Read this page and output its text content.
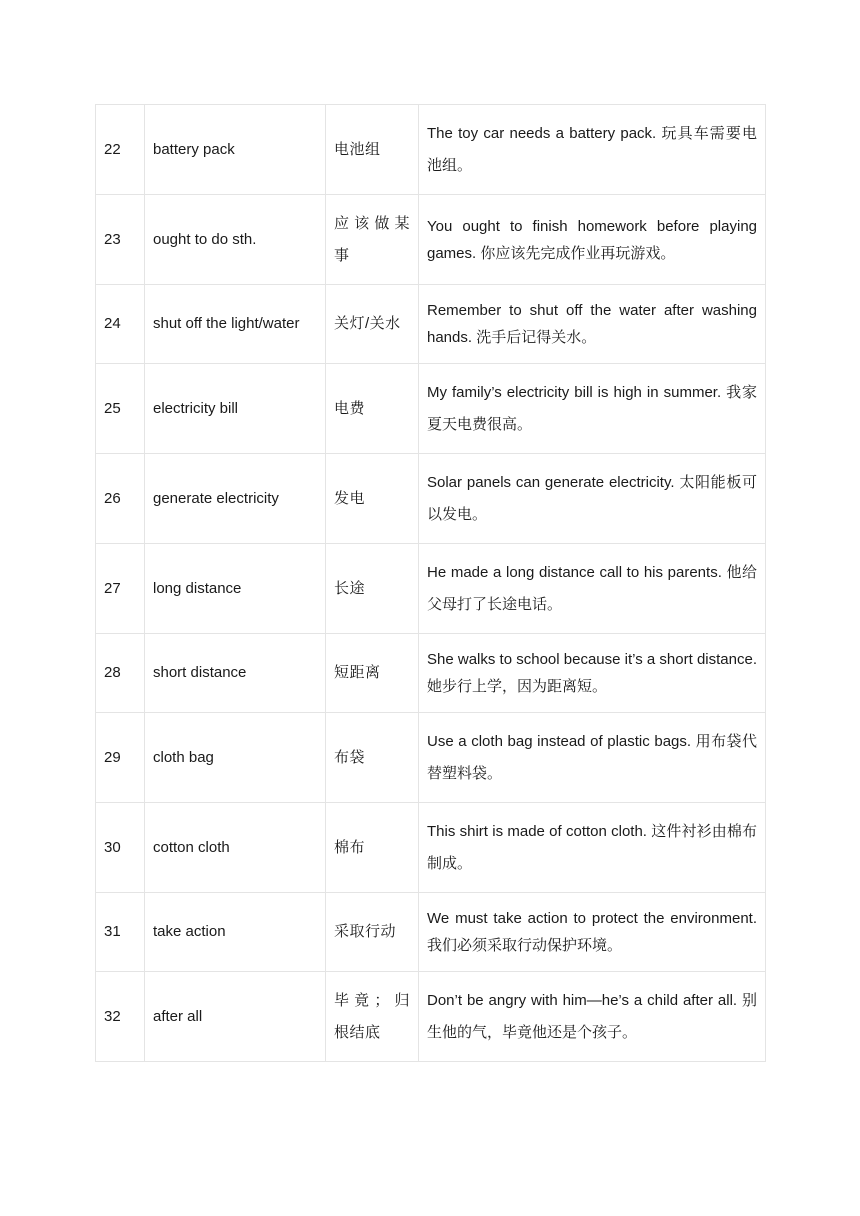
22	battery pack	电池组	The toy car needs a battery pack. 玩具车需要电池组。
23	ought to do sth.	应该做某事	You ought to finish homework before playing games. 你应该先完成作业再玩游戏。
24	shut off the light/water	关灯/关水	Remember to shut off the water after washing hands. 洗手后记得关水。
25	electricity bill	电费	My family’s electricity bill is high in summer. 我家夏天电费很高。
26	generate electricity	发电	Solar panels can generate electricity. 太阳能板可以发电。
27	long distance	长途	He made a long distance call to his parents. 他给父母打了长途电话。
28	short distance	短距离	She walks to school because it’s a short distance. 她步行上学，因为距离短。
29	cloth bag	布袋	Use a cloth bag instead of plastic bags. 用布袋代替塑料袋。
30	cotton cloth	棉布	This shirt is made of cotton cloth. 这件衬衫由棉布制成。
31	take action	采取行动	We must take action to protect the environment. 我们必须采取行动保护环境。
32	after all	毕竟；归根结底	Don’t be angry with him—he’s a child after all. 别生他的气，毕竟他还是个孩子。
